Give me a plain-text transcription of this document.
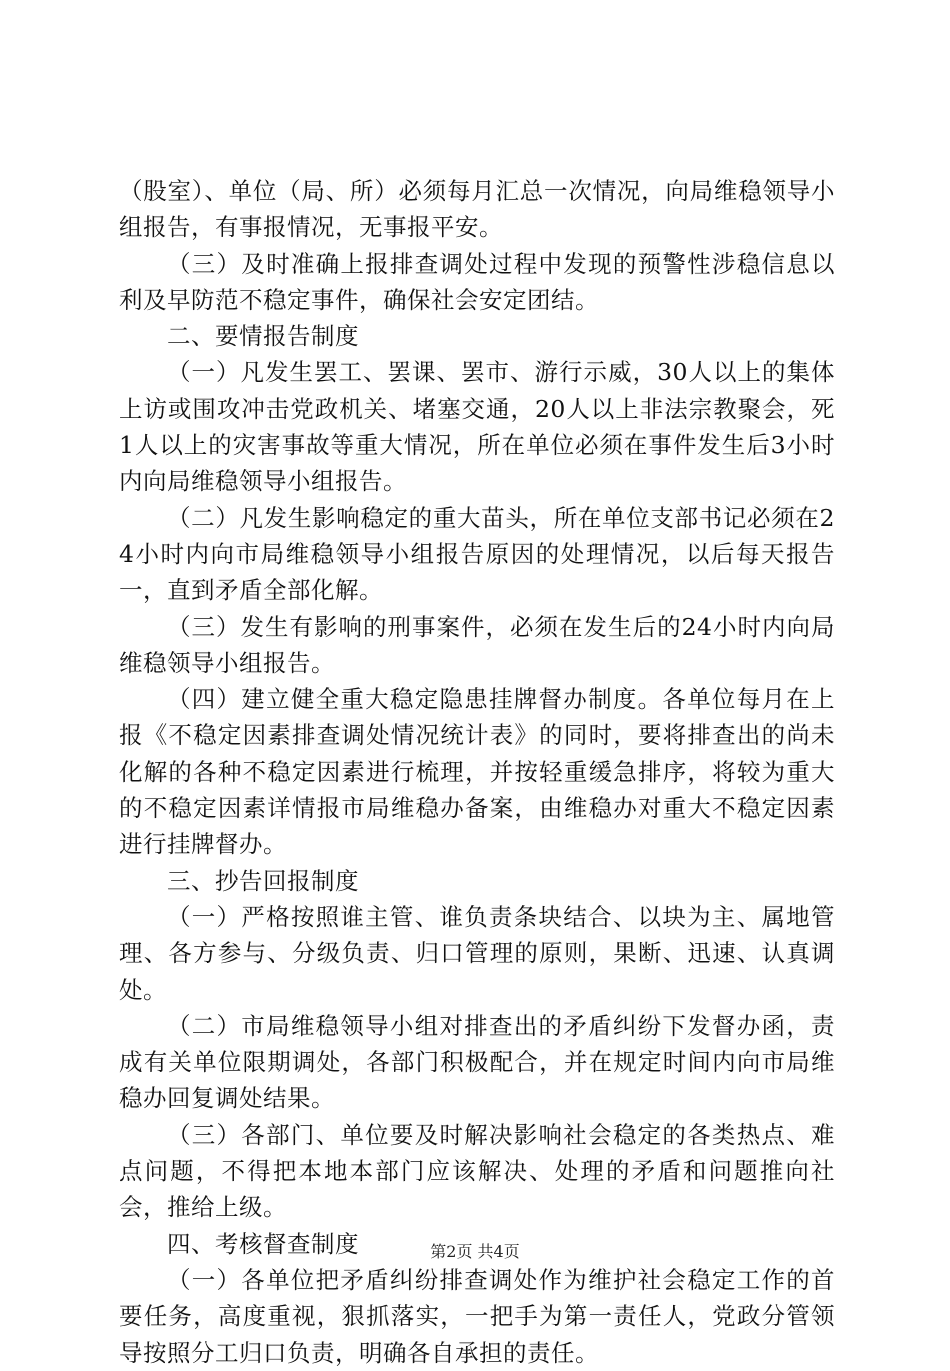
（股室）、单位（局、所）必须每月汇总一次情况，向局维稳领导小组报告，有事报情况，无事报平安。

（三）及时准确上报排查调处过程中发现的预警性涉稳信息以利及早防范不稳定事件，确保社会安定团结。

二、要情报告制度

（一）凡发生罢工、罢课、罢市、游行示威，30人以上的集体上访或围攻冲击党政机关、堵塞交通，20人以上非法宗教聚会，死1人以上的灾害事故等重大情况，所在单位必须在事件发生后3小时内向局维稳领导小组报告。

（二）凡发生影响稳定的重大苗头，所在单位支部书记必须在24小时内向市局维稳领导小组报告原因的处理情况，以后每天报告一，直到矛盾全部化解。

（三）发生有影响的刑事案件，必须在发生后的24小时内向局维稳领导小组报告。

（四）建立健全重大稳定隐患挂牌督办制度。各单位每月在上报《不稳定因素排查调处情况统计表》的同时，要将排查出的尚未化解的各种不稳定因素进行梳理，并按轻重缓急排序，将较为重大的不稳定因素详情报市局维稳办备案，由维稳办对重大不稳定因素进行挂牌督办。

三、抄告回报制度

（一）严格按照谁主管、谁负责条块结合、以块为主、属地管理、各方参与、分级负责、归口管理的原则，果断、迅速、认真调处。

（二）市局维稳领导小组对排查出的矛盾纠纷下发督办函，责成有关单位限期调处，各部门积极配合，并在规定时间内向市局维稳办回复调处结果。

（三）各部门、单位要及时解决影响社会稳定的各类热点、难点问题，不得把本地本部门应该解决、处理的矛盾和问题推向社会，推给上级。

四、考核督查制度

（一）各单位把矛盾纠纷排查调处作为维护社会稳定工作的首要任务，高度重视，狠抓落实，一把手为第一责任人，党政分管领导按照分工归口负责，明确各自承担的责任。

第2页 共4页
